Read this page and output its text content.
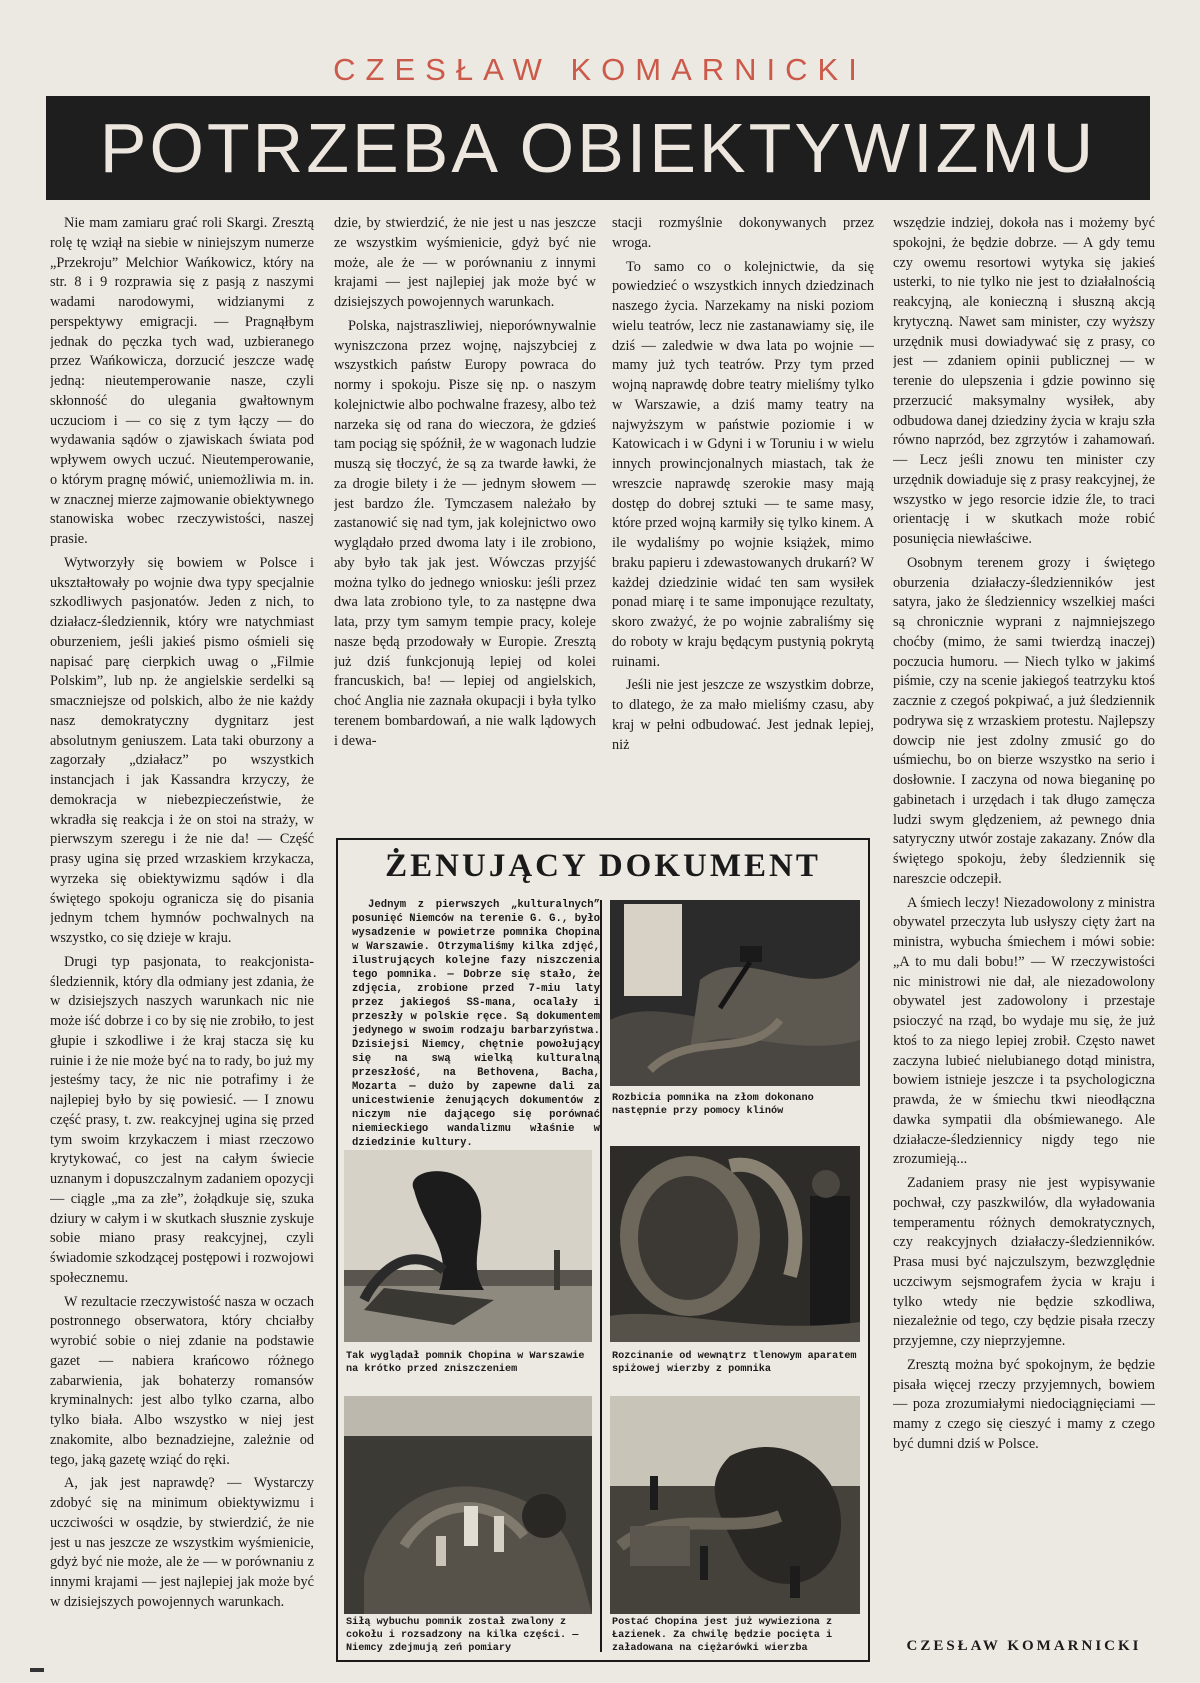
CZESŁAW KOMARNICKI
POTRZEBA OBIEKTYWIZMU

Nie mam zamiaru grać roli Skargi. Zresztą rolę tę wziął na siebie w niniejszym numerze „Przekroju” Melchior Wańkowicz, który na str. 8 i 9 rozprawia się z pasją z naszymi wadami narodowymi, widzianymi z perspektywy emigracji. — Pragnąłbym jednak do pęczka tych wad, uzbieranego przez Wańkowicza, dorzucić jeszcze wadę jedną: nieutemperowanie nasze, czyli skłonność do ulegania gwałtownym uczuciom i — co się z tym łączy — do wydawania sądów o zjawiskach świata pod wpływem owych uczuć. Nieutemperowanie, o którym pragnę mówić, uniemożliwia m. in. w znacznej mierze zajmowanie obiektywnego stanowiska wobec rzeczywistości, naszej prasie.

Wytworzyły się bowiem w Polsce i ukształtowały po wojnie dwa typy specjalnie szkodliwych pasjonatów. Jeden z nich, to działacz-śledziennik, który wre natychmiast oburzeniem, jeśli jakieś pismo ośmieli się napisać parę cierpkich uwag o „Filmie Polskim”, lub np. że angielskie serdelki są smaczniejsze od polskich, albo że nie każdy nasz demokratyczny dygnitarz jest absolutnym geniuszem. Lata taki oburzony a zagorzały „działacz” po wszystkich instancjach i jak Kassandra krzyczy, że demokracja w niebezpieczeństwie, że wkradła się reakcja i że on stoi na straży, w pierwszym szeregu i że nie da! — Część prasy ugina się przed wrzaskiem krzykacza, wyrzeka się obiektywizmu sądów i dla świętego spokoju ogranicza się do pisania jednym tchem hymnów pochwalnych na wszystko, co się dzieje w kraju.

Drugi typ pasjonata, to reakcjonista-śledziennik, który dla odmiany jest zdania, że w dzisiejszych naszych warunkach nic nie może iść dobrze i co by się nie zrobiło, to jest głupie i szkodliwe i że kraj stacza się ku ruinie i że nie może być na to rady, bo już my jesteśmy tacy, że nic nie potrafimy i że najlepiej było by się powiesić. — I znowu część prasy, t. zw. reakcyjnej ugina się przed tym swoim krzykaczem i miast rzeczowo krytykować, co jest na całym świecie uznanym i dopuszczalnym zadaniem opozycji — ciągle „ma za złe”, żołądkuje się, szuka dziury w całym i w skutkach słusznie zyskuje sobie miano prasy reakcyjnej, czyli świadomie szkodzącej postępowi i rozwojowi społecznemu.

W rezultacie rzeczywistość nasza w oczach postronnego obserwatora, który chciałby wyrobić sobie o niej zdanie na podstawie gazet — nabiera krańcowo różnego zabarwienia, jak bohaterzy romansów kryminalnych: jest albo tylko czarna, albo tylko biała. Albo wszystko w niej jest znakomite, albo beznadziejne, zależnie od tego, jaką gazetę wziąć do ręki.

A, jak jest naprawdę? — Wystarczy zdobyć się na minimum obiektywizmu i uczciwości w osądzie, by stwierdzić, że nie jest u nas jeszcze ze wszystkim wyśmienicie, gdyż być nie może, ale że — w porównaniu z innymi krajami — jest najlepiej jak może być w dzisiejszych powojennych warunkach.

dzie, by stwierdzić, że nie jest u nas jeszcze ze wszystkim wyśmienicie, gdyż być nie może, ale że — w porównaniu z innymi krajami — jest najlepiej jak może być w dzisiejszych powojennych warunkach.

Polska, najstraszliwiej, nieporównywalnie wyniszczona przez wojnę, najszybciej z wszystkich państw Europy powraca do normy i spokoju. Pisze się np. o naszym kolejnictwie albo pochwalne frazesy, albo też narzeka się od rana do wieczora, że gdzieś tam pociąg się spóźnił, że w wagonach ludzie muszą się tłoczyć, że są za twarde ławki, że za drogie bilety i że — jednym słowem — jest bardzo źle. Tymczasem należało by zastanowić się nad tym, jak kolejnictwo owo wyglądało przed dwoma laty i ile zrobiono, aby było tak jak jest. Wówczas przyjść można tylko do jednego wniosku: jeśli przez dwa lata zrobiono tyle, to za następne dwa lata, przy tym samym tempie pracy, koleje nasze będą przodowały w Europie. Zresztą już dziś funkcjonują lepiej od kolei francuskich, ba! — lepiej od angielskich, choć Anglia nie zaznała okupacji i była tylko terenem bombardowań, a nie walk lądowych i dewa-

stacji rozmyślnie dokonywanych przez wroga.

To samo co o kolejnictwie, da się powiedzieć o wszystkich innych dziedzinach naszego życia. Narzekamy na niski poziom wielu teatrów, lecz nie zastanawiamy się, ile dziś — zaledwie w dwa lata po wojnie — mamy już tych teatrów. Przy tym przed wojną naprawdę dobre teatry mieliśmy tylko w Warszawie, a dziś mamy teatry na najwyższym w państwie poziomie i w Katowicach i w Gdyni i w Toruniu i w wielu innych prowincjonalnych miastach, tak że wreszcie naprawdę szerokie masy mają dostęp do dobrej sztuki — te same masy, które przed wojną karmiły się tylko kinem. A ile wydaliśmy po wojnie książek, mimo braku papieru i zdewastowanych drukarń? W każdej dziedzinie widać ten sam wysiłek ponad miarę i te same imponujące rezultaty, skoro zważyć, że po wojnie zabraliśmy się do roboty w kraju będącym pustynią pokrytą ruinami.

Jeśli nie jest jeszcze ze wszystkim dobrze, to dlatego, że za mało mieliśmy czasu, aby kraj w pełni odbudować. Jest jednak lepiej, niż

wszędzie indziej, dokoła nas i możemy być spokojni, że będzie dobrze. — A gdy temu czy owemu resortowi wytyka się jakieś usterki, to nie tylko nie jest to działalnością reakcyjną, ale konieczną i słuszną akcją krytyczną. Nawet sam minister, czy wyższy urzędnik musi dowiadywać się z prasy, co jest — zdaniem opinii publicznej — w terenie do ulepszenia i gdzie powinno się przerzucić maksymalny wysiłek, aby odbudowa danej dziedziny życia w kraju szła równo naprzód, bez zgrzytów i zahamowań. — Lecz jeśli znowu ten minister czy urzędnik dowiaduje się z prasy reakcyjnej, że wszystko w jego resorcie idzie źle, to traci orientację i w skutkach może robić posunięcia niewłaściwe.

Osobnym terenem grozy i świętego oburzenia działaczy-śledzienników jest satyra, jako że śledziennicy wszelkiej maści są chronicznie wyprani z najmniejszego choćby (mimo, że sami twierdzą inaczej) poczucia humoru. — Niech tylko w jakimś piśmie, czy na scenie jakiegoś teatrzyku ktoś zacznie z czegoś pokpiwać, a już śledziennik podrywa się z wrzaskiem protestu. Najlepszy dowcip nie jest zdolny zmusić go do uśmiechu, bo on bierze wszystko na serio i dosłownie. I zaczyna od nowa bieganinę po gabinetach i urzędach i tak długo zamęcza ludzi swym ględzeniem, aż pewnego dnia satyryczny utwór zostaje zakazany. Znów dla świętego spokoju, żeby śledziennik się nareszcie odczepił.

A śmiech leczy! Niezadowolony z ministra obywatel przeczyta lub usłyszy cięty żart na ministra, wybucha śmiechem i mówi sobie: „A to mu dali bobu!” — W rzeczywistości nic ministrowi nie dał, ale niezadowolony obywatel jest zadowolony i przestaje psioczyć na rząd, bo wydaje mu się, że już ktoś to za niego lepiej zrobił. Często nawet zaczyna lubieć nielubianego dotąd ministra, bowiem istnieje jeszcze i ta psychologiczna prawda, że w śmiechu tkwi nieodłączna dawka sympatii dla obśmiewanego. Ale działacze-śledziennicy nigdy tego nie zrozumieją...

Zadaniem prasy nie jest wypisywanie pochwał, czy paszkwilów, dla wyładowania temperamentu różnych demokratycznych, czy reakcyjnych działaczy-śledzienników. Prasa musi być najczulszym, bezwzględnie uczciwym sejsmografem życia w kraju i tylko wtedy nie będzie szkodliwa, niezależnie od tego, czy będzie pisała rzeczy przyjemne, czy nieprzyjemne.

Zresztą można być spokojnym, że będzie pisała więcej rzeczy przyjemnych, bowiem — poza zrozumiałymi niedociągnięciami — mamy z czego się cieszyć i mamy z czego być dumni dziś w Polsce.

CZESŁAW KOMARNICKI
ŻENUJĄCY DOKUMENT
Jednym z pierwszych „kulturalnych” posunięć Niemców na terenie G. G., było wysadzenie w powietrze pomnika Chopina w Warszawie. Otrzymaliśmy kilka zdjęć, ilustrujących kolejne fazy niszczenia tego pomnika. — Dobrze się stało, że zdjęcia, zrobione przed 7-miu laty przez jakiegoś SS-mana, ocalały i przeszły w polskie ręce. Są dokumentem jedynego w swoim rodzaju barbarzyństwa. Dzisiejsi Niemcy, chętnie powołujący się na swą wielką kulturalną przeszłość, na Bethovena, Bacha, Mozarta — dużo by zapewne dali za unicestwienie żenujących dokumentów z niczym nie dającego się porównać niemieckiego wandalizmu właśnie w dziedzinie kultury.
Rozbicia pomnika na złom dokonano następnie przy pomocy klinów
Tak wyglądał pomnik Chopina w Warszawie na krótko przed zniszczeniem
Rozcinanie od wewnątrz tlenowym aparatem spiżowej wierzby z pomnika
Siłą wybuchu pomnik został zwalony z cokołu i rozsadzony na kilka części. — Niemcy zdejmują zeń pomiary
Postać Chopina jest już wywieziona z Łazienek. Za chwilę będzie pocięta i załadowana na ciężarówki wierzba
